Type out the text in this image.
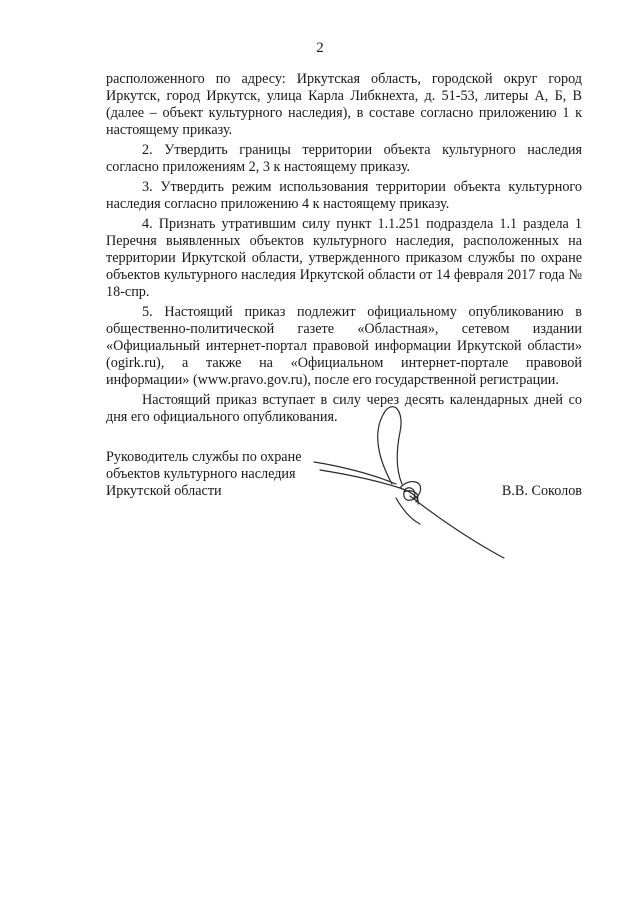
2

расположенного по адресу: Иркутская область, городской округ город Иркутск, город Иркутск, улица Карла Либкнехта, д. 51-53, литеры А, Б, В (далее – объект культурного наследия), в составе согласно приложению 1 к настоящему приказу.

2. Утвердить границы территории объекта культурного наследия согласно приложениям 2, 3 к настоящему приказу.

3. Утвердить режим использования территории объекта культурного наследия согласно приложению 4 к настоящему приказу.

4. Признать утратившим силу пункт 1.1.251 подраздела 1.1 раздела 1 Перечня выявленных объектов культурного наследия, расположенных на территории Иркутской области, утвержденного приказом службы по охране объектов культурного наследия Иркутской области от 14 февраля 2017 года № 18-спр.

5. Настоящий приказ подлежит официальному опубликованию в общественно-политической газете «Областная», сетевом издании «Официальный интернет-портал правовой информации Иркутской области» (ogirk.ru), а также на «Официальном интернет-портале правовой информации» (www.pravo.gov.ru), после его государственной регистрации.

Настоящий приказ вступает в силу через десять календарных дней со дня его официального опубликования.

Руководитель службы по охране
объектов культурного наследия
Иркутской области	В.В. Соколов
